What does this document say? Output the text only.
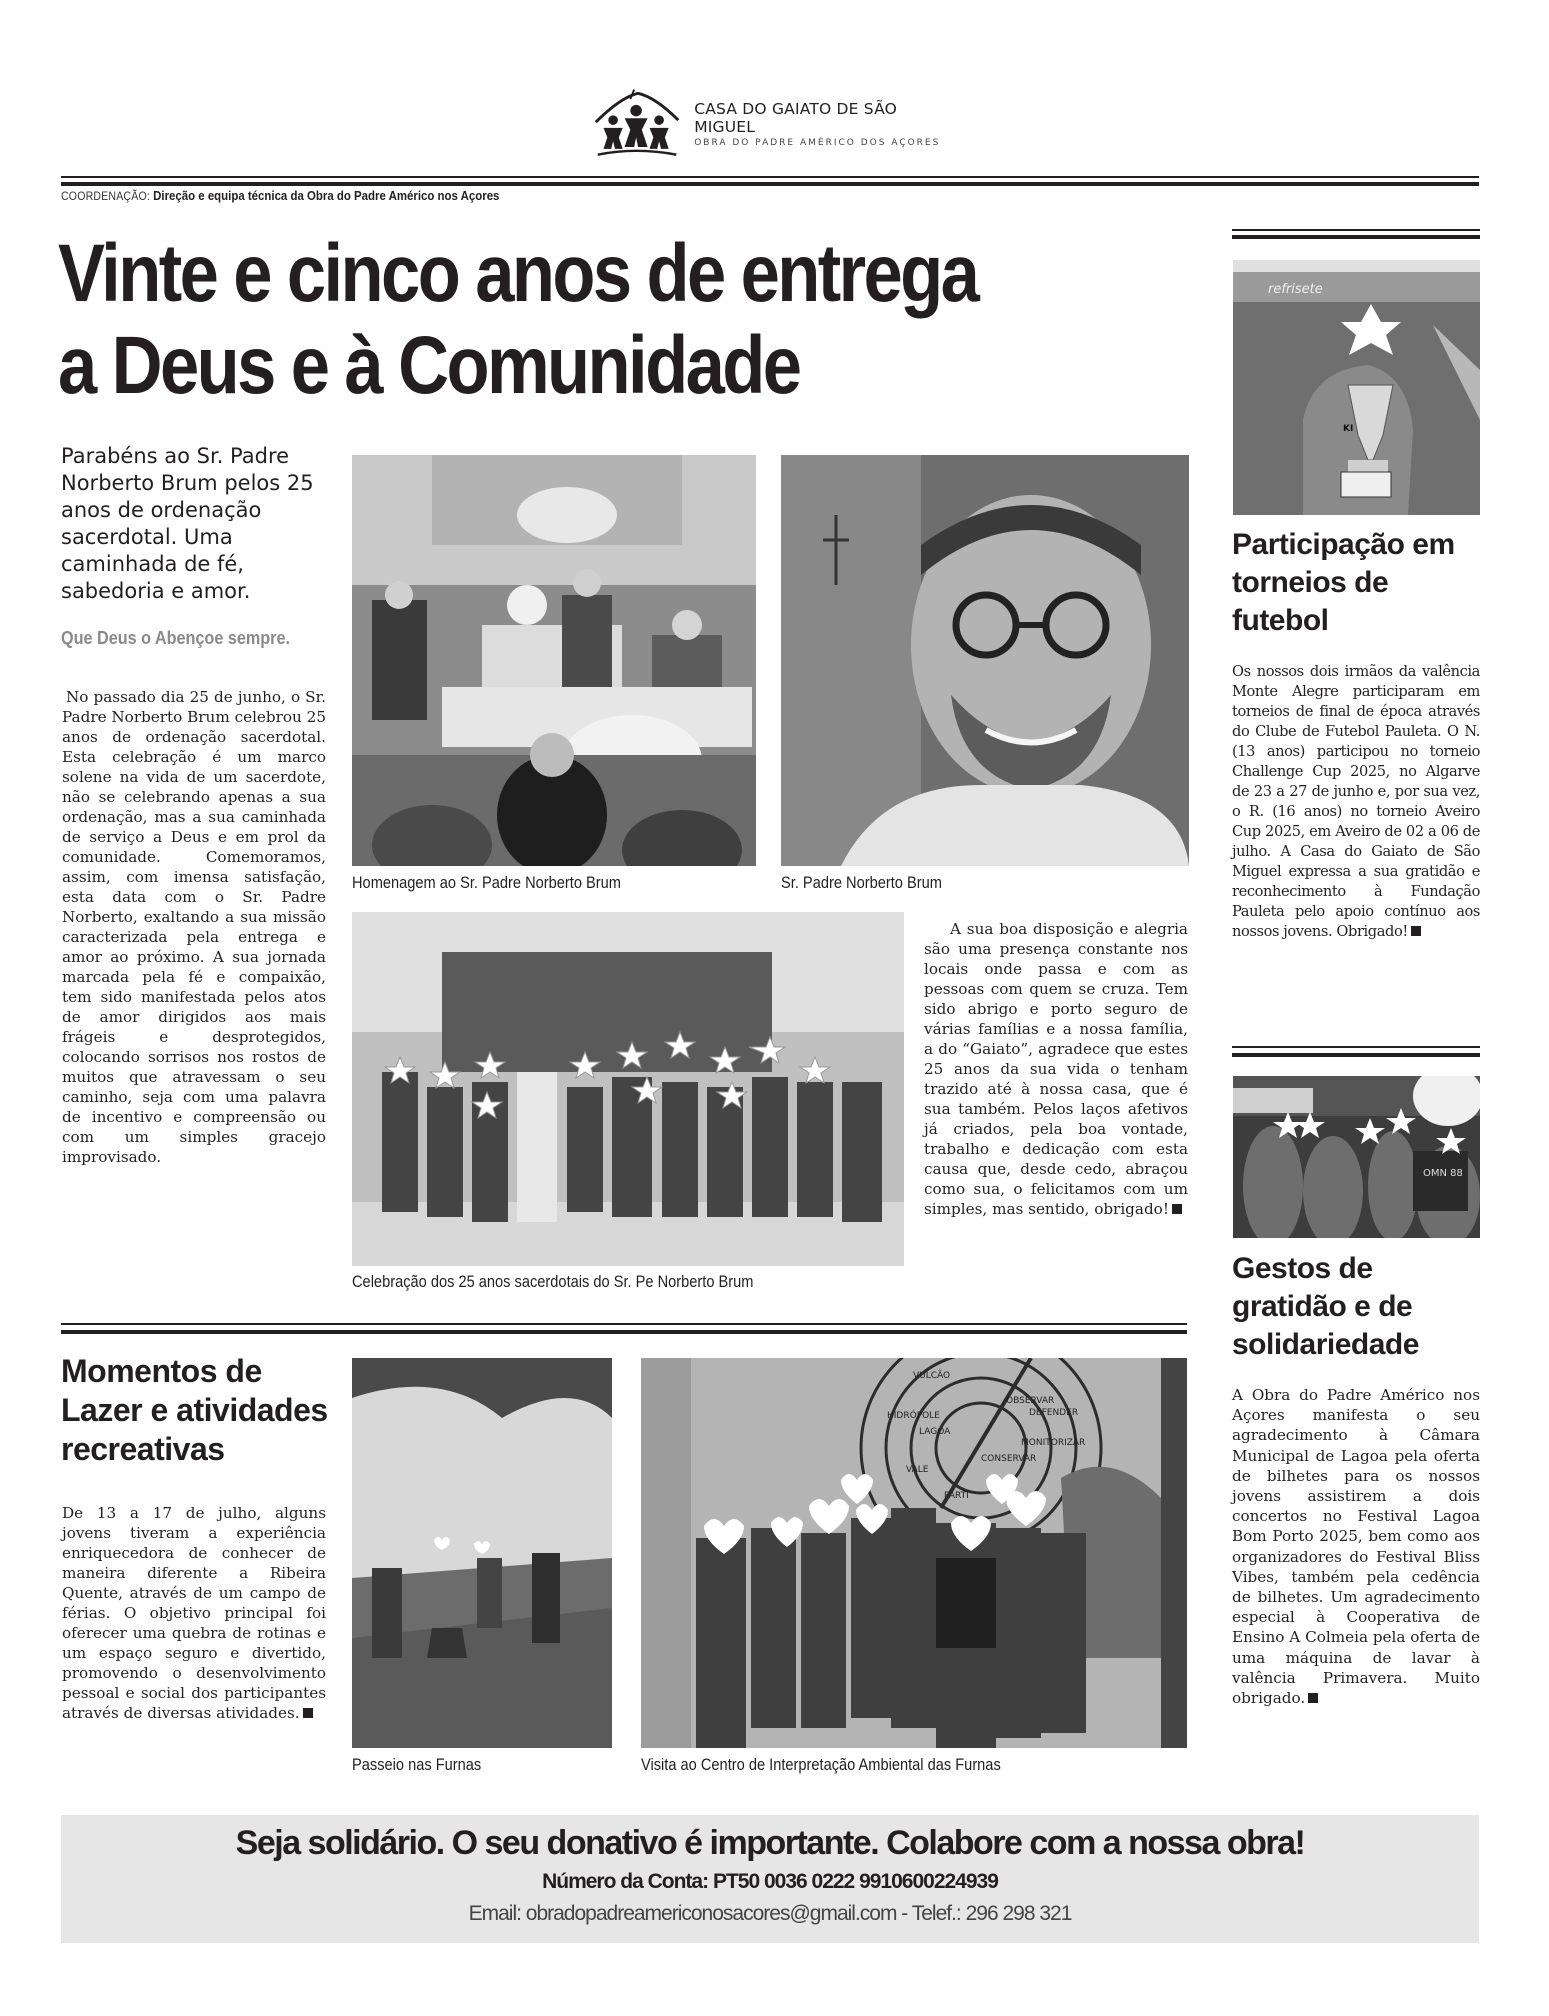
CASA DO GAIATO DE SÃO MIGUEL
OBRA DO PADRE AMÉRICO DOS AÇORES
COORDENAÇÃO: Direção e equipa técnica da Obra do Padre Américo nos Açores
Vinte e cinco anos de entrega
a Deus e à Comunidade
Parabéns ao Sr. Padre Norberto Brum pelos 25 anos de ordenação sacerdotal. Uma caminhada de fé, sabedoria e amor.
Que Deus o Abençoe sempre.

No passado dia 25 de junho, o Sr. Padre Norberto Brum celebrou 25 anos de ordenação sacerdotal. Esta celebração é um marco solene na vida de um sacerdote, não se celebrando apenas a sua ordenação, mas a sua caminhada de serviço a Deus e em prol da comunidade. Comemoramos, assim, com imensa satisfação, esta data com o Sr. Padre Norberto, exaltando a sua missão caracterizada pela entrega e amor ao próximo. A sua jornada marcada pela fé e compaixão, tem sido manifestada pelos atos de amor dirigidos aos mais frágeis e desprotegidos, colocando sorrisos nos rostos de muitos que atravessam o seu caminho, seja com uma palavra de incentivo e compreensão ou com um simples gracejo improvisado.

Homenagem ao Sr. Padre Norberto Brum	Sr. Padre Norberto Brum
Celebração dos 25 anos sacerdotais do Sr. Pe Norberto Brum

A sua boa disposição e alegria são uma presença constante nos locais onde passa e com as pessoas com quem se cruza. Tem sido abrigo e porto seguro de várias famílias e a nossa família, a do “Gaiato”, agradece que estes 25 anos da sua vida o tenham trazido até à nossa casa, que é sua também. Pelos laços afetivos já criados, pela boa vontade, trabalho e dedicação com esta causa que, desde cedo, abraçou como sua, o felicitamos com um simples, mas sentido, obrigado!

refrisete
KI
Participação em torneios de futebol

Os nossos dois irmãos da valência Monte Alegre participaram em torneios de final de época através do Clube de Futebol Pauleta. O N. (13 anos) participou no torneio Challenge Cup 2025, no Algarve de 23 a 27 de junho e, por sua vez, o R. (16 anos) no torneio Aveiro Cup 2025, em Aveiro de 02 a 06 de julho. A Casa do Gaiato de São Miguel expressa a sua gratidão e reconhecimento à Fundação Pauleta pelo apoio contínuo aos nossos jovens. Obrigado!

OMN 88
Gestos de gratidão e de solidariedade

A Obra do Padre Américo nos Açores manifesta o seu agradecimento à Câmara Municipal de Lagoa pela oferta de bilhetes para os nossos jovens assistirem a dois concertos no Festival Lagoa Bom Porto 2025, bem como aos organizadores do Festival Bliss Vibes, também pela cedência de bilhetes. Um agradecimento especial à Cooperativa de Ensino A Colmeia pela oferta de uma máquina de lavar à valência Primavera. Muito obrigado.

Momentos de Lazer e atividades recreativas

De 13 a 17 de julho, alguns jovens tiveram a experiência enriquecedora de conhecer de maneira diferente a Ribeira Quente, através de um campo de férias. O objetivo principal foi oferecer uma quebra de rotinas e um espaço seguro e divertido, promovendo o desenvolvimento pessoal e social dos participantes através de diversas atividades.

Passeio nas Furnas
VULCÃO
HIDRÓPOLE
LAGOA
VALE
OBSERVAR
DEFENDER
MONITORIZAR
CONSERVAR
PARTI
Visita ao Centro de Interpretação Ambiental das Furnas
Seja solidário. O seu donativo é importante. Colabore com a nossa obra!
Número da Conta: PT50 0036 0222 9910600224939
Email: obradopadreamericonosacores@gmail.com - Telef.: 296 298 321
